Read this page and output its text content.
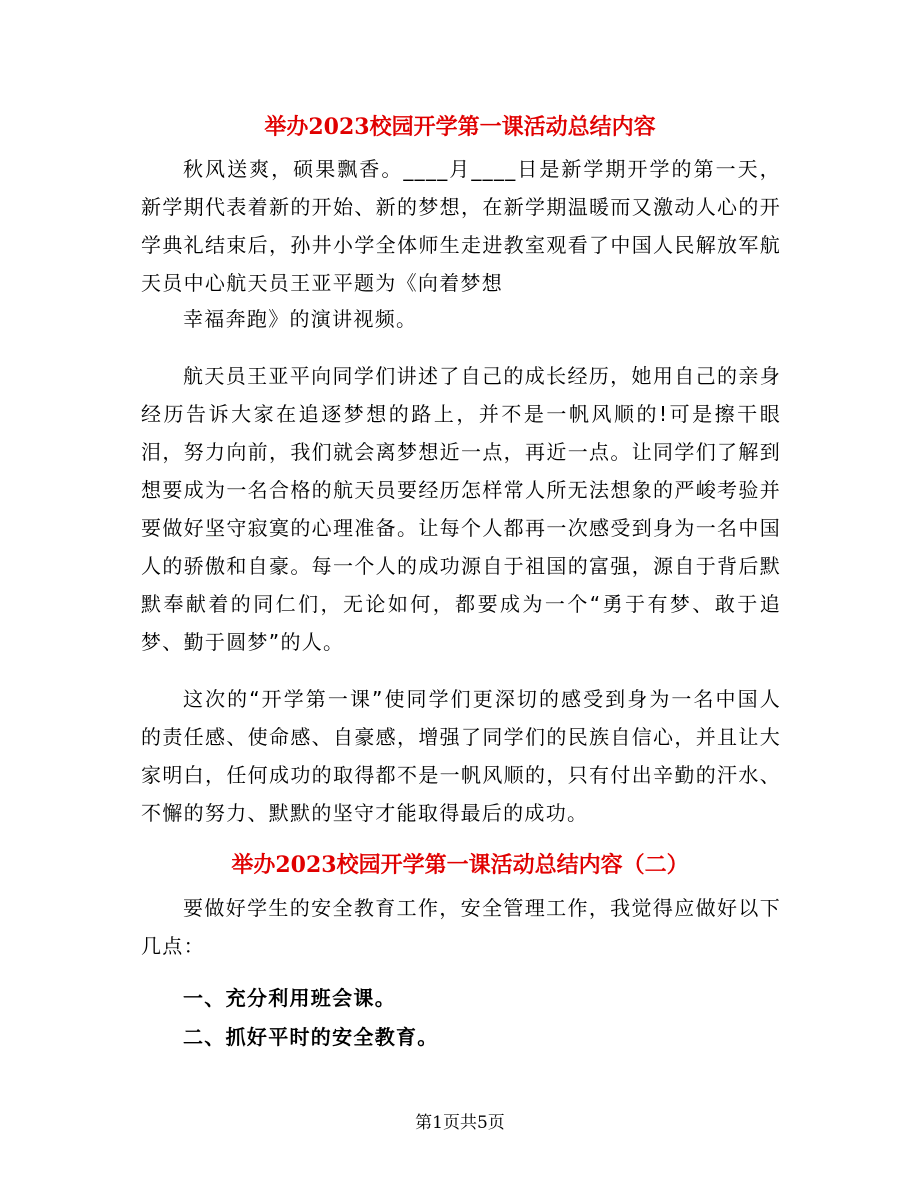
举办2023校园开学第一课活动总结内容

秋风送爽，硕果飘香。____月____日是新学期开学的第一天，新学期代表着新的开始、新的梦想，在新学期温暖而又激动人心的开学典礼结束后，孙井小学全体师生走进教室观看了中国人民解放军航天员中心航天员王亚平题为《向着梦想

幸福奔跑》的演讲视频。

航天员王亚平向同学们讲述了自己的成长经历，她用自己的亲身经历告诉大家在追逐梦想的路上，并不是一帆风顺的!可是擦干眼泪，努力向前，我们就会离梦想近一点，再近一点。让同学们了解到想要成为一名合格的航天员要经历怎样常人所无法想象的严峻考验并要做好坚守寂寞的心理准备。让每个人都再一次感受到身为一名中国人的骄傲和自豪。每一个人的成功源自于祖国的富强，源自于背后默默奉献着的同仁们，无论如何，都要成为一个“勇于有梦、敢于追梦、勤于圆梦”的人。

这次的“开学第一课”使同学们更深切的感受到身为一名中国人的责任感、使命感、自豪感，增强了同学们的民族自信心，并且让大家明白，任何成功的取得都不是一帆风顺的，只有付出辛勤的汗水、不懈的努力、默默的坚守才能取得最后的成功。

举办2023校园开学第一课活动总结内容（二）

要做好学生的安全教育工作，安全管理工作，我觉得应做好以下几点：

一、充分利用班会课。

二、抓好平时的安全教育。

第1页共5页
